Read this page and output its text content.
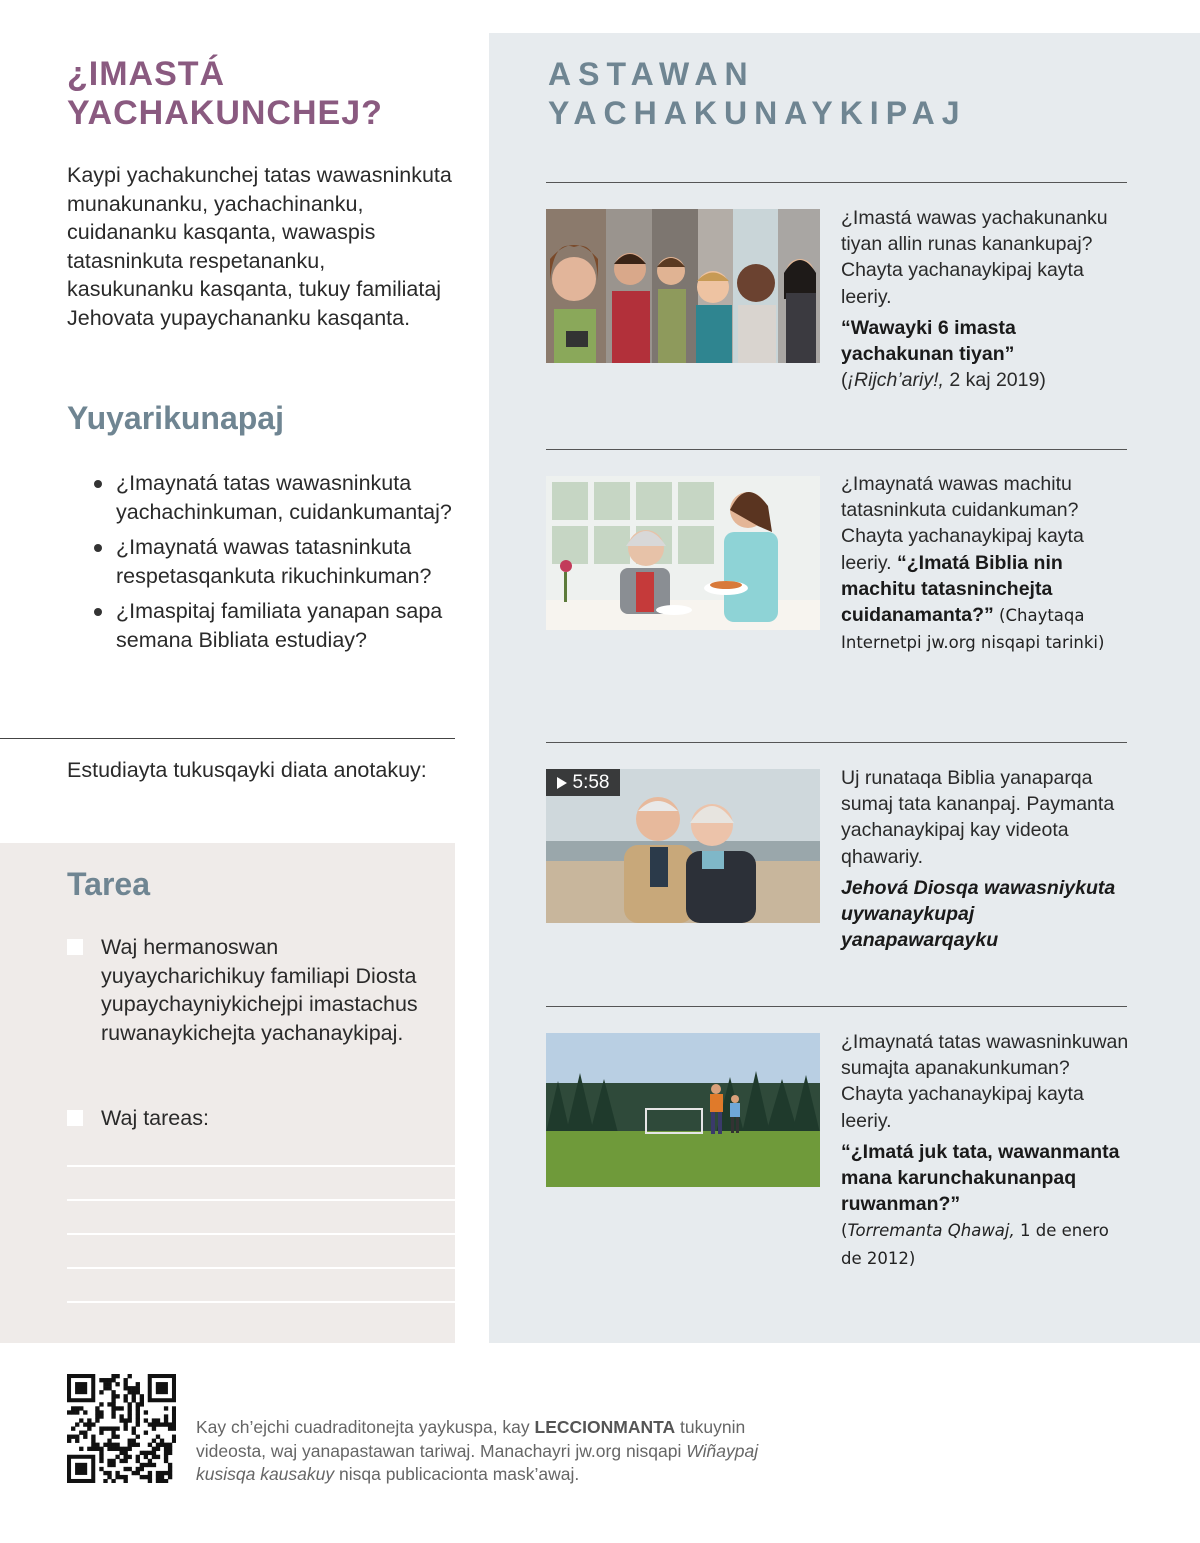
¿IMASTÁ
YACHAKUNCHEJ?

Kaypi yachakunchej tatas wawasninkuta munakunanku, yachachinanku, cuidananku kasqanta, wawaspis tatasninkuta respetananku, kasukunanku kasqanta, tukuy familiataj Jehovata yupaychananku kasqanta.

Yuyarikunapaj
¿Imaynatá tatas wawasninkuta yachachinkuman, cuidankumantaj?
¿Imaynatá wawas tatasninkuta respetasqankuta rikuchinkuman?
¿Imaspitaj familiata yanapan sapa semana Bibliata estudiay?
Estudiayta tukusqayki diata anotakuy:
Tarea
Waj hermanoswan yuyaycharichikuy familiapi Diosta yupaychayniykichejpi imastachus ruwanaykichejta yachanaykipaj.
Waj tareas:
ASTAWAN
YACHAKUNAYKIPAJ
¿Imastá wawas yachakunanku tiyan allin runas kanankupaj? Chayta yachanaykipaj kayta leeriy.
“Wawayki 6 imasta yachakunan tiyan”
(¡Rijch’ariy!, 2 kaj 2019)
¿Imaynatá wawas machitu tatasninkuta cuidankuman? Chayta yachanaykipaj kayta leeriy. “¿Imatá Biblia nin machitu tatasninchejta cuidanamanta?” (Chaytaqa Internetpi jw.org nisqapi tarinki)
5:58	Uj runataqa Biblia yanaparqa sumaj tata kananpaj. Paymanta yachanaykipaj kay videota qhawariy.
Jehová Diosqa wawasniykuta uywanaykupaj yanapawarqayku
¿Imaynatá tatas wawasninkuwan sumajta apanakunkuman? Chayta yachanaykipaj kayta leeriy.
“¿Imatá juk tata, wawanmanta mana karunchakunanpaq ruwanman?”
(Torremanta Qhawaj, 1 de enero de 2012)

Kay ch’ejchi cuadraditonejta yaykuspa, kay LECCIONMANTA tukuynin videosta, waj yanapastawan tariwaj. Manachayri jw.org nisqapi Wiñaypaj kusisqa kausakuy nisqa publicacionta mask’awaj.
